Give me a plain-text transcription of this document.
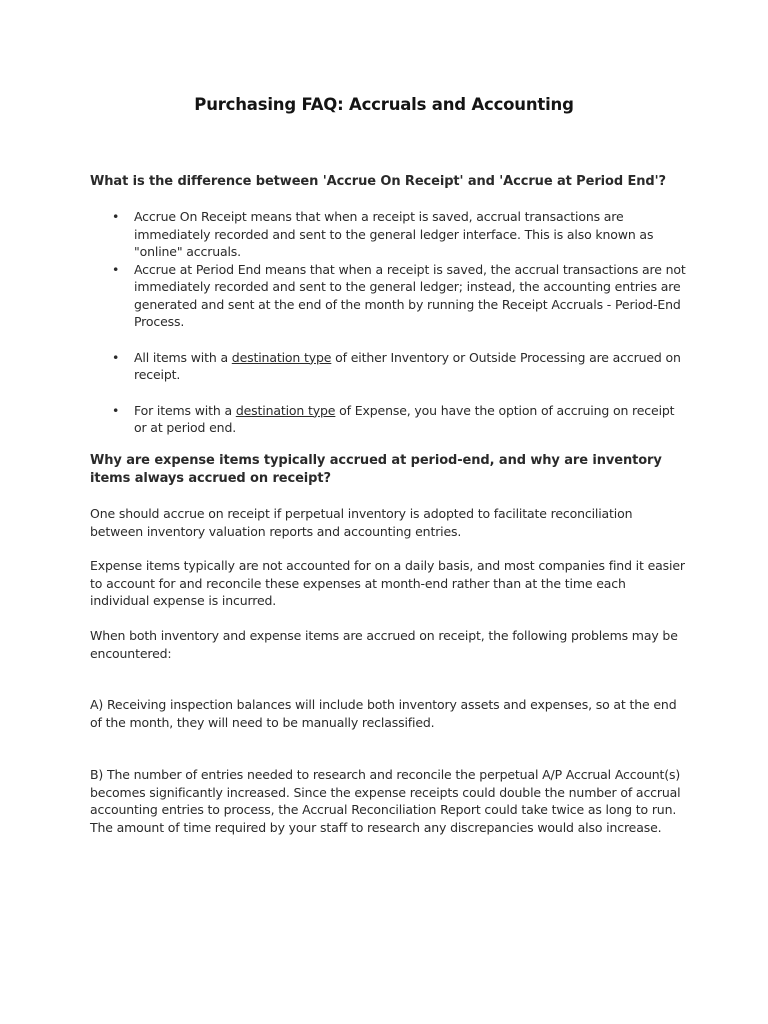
Purchasing FAQ: Accruals and Accounting
What is the difference between 'Accrue On Receipt' and 'Accrue at Period End'?
• Accrue On Receipt means that when a receipt is saved, accrual transactions are immediately recorded and sent to the general ledger interface. This is also known as "online" accruals.
• Accrue at Period End means that when a receipt is saved, the accrual transactions are not immediately recorded and sent to the general ledger; instead, the accounting entries are generated and sent at the end of the month by running the Receipt Accruals - Period-End Process.
• All items with a destination type of either Inventory or Outside Processing are accrued on receipt.
• For items with a destination type of Expense, you have the option of accruing on receipt or at period end.
Why are expense items typically accrued at period-end, and why are inventory items always accrued on receipt?
One should accrue on receipt if perpetual inventory is adopted to facilitate reconciliation between inventory valuation reports and accounting entries.
Expense items typically are not accounted for on a daily basis, and most companies find it easier to account for and reconcile these expenses at month-end rather than at the time each individual expense is incurred.
When both inventory and expense items are accrued on receipt, the following problems may be encountered:
A) Receiving inspection balances will include both inventory assets and expenses, so at the end of the month, they will need to be manually reclassified.
B) The number of entries needed to research and reconcile the perpetual A/P Accrual Account(s) becomes significantly increased. Since the expense receipts could double the number of accrual accounting entries to process, the Accrual Reconciliation Report could take twice as long to run. The amount of time required by your staff to research any discrepancies would also increase.
